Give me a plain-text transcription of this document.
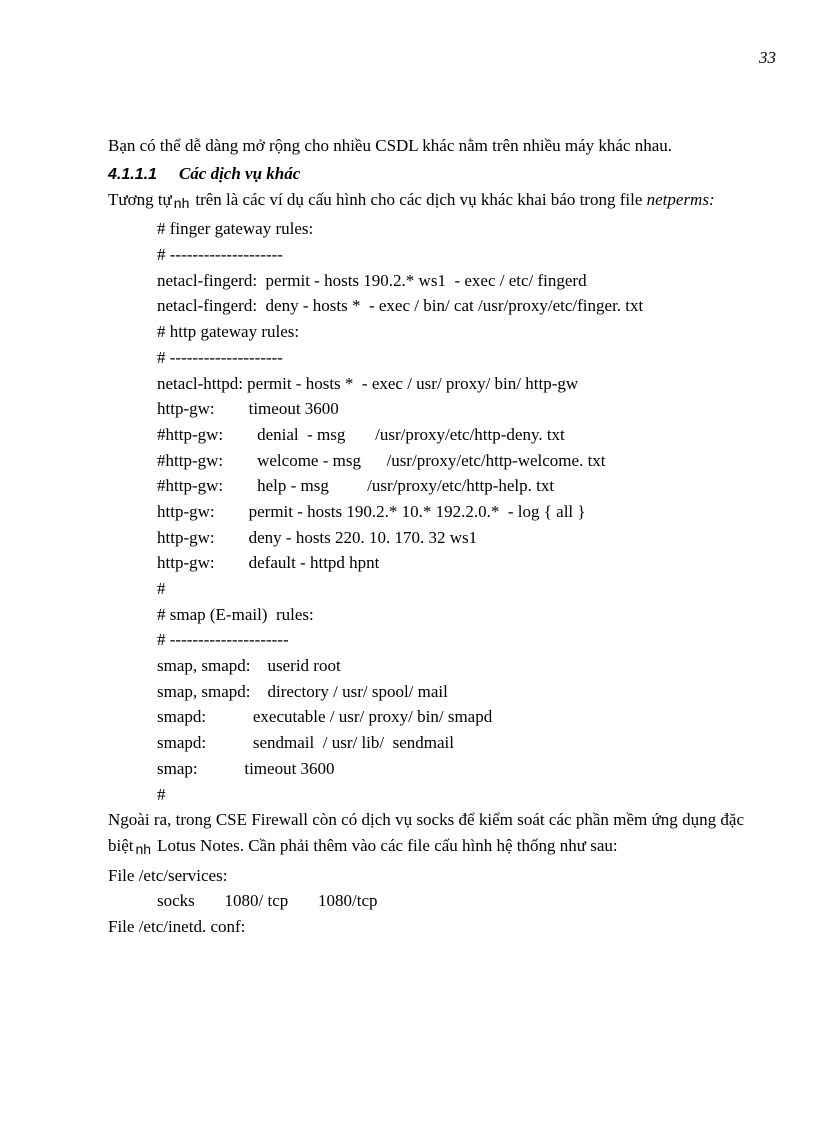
33

Bạn có thể dễ dàng mở rộng cho nhiều CSDL khác nằm trên nhiều máy khác nhau.

4.1.1.1 Các dịch vụ khác

Tương tự $_{nh}$ trên là các ví dụ cấu hình cho các dịch vụ khác khai báo trong file netperms:

# finger gateway rules:
# --------------------
netacl-fingerd:  permit - hosts 190.2.* ws1  - exec / etc/ fingerd
netacl-fingerd:  deny - hosts *  - exec / bin/ cat /usr/proxy/etc/finger. txt
# http gateway rules:
# --------------------
netacl-httpd: permit - hosts *  - exec / usr/ proxy/ bin/ http-gw
http-gw:        timeout 3600
#http-gw:        denial  - msg       /usr/proxy/etc/http-deny. txt
#http-gw:        welcome - msg      /usr/proxy/etc/http-welcome. txt
#http-gw:        help - msg         /usr/proxy/etc/http-help. txt
http-gw:        permit - hosts 190.2.* 10.* 192.2.0.*  - log { all }
http-gw:        deny - hosts 220. 10. 170. 32 ws1
http-gw:        default - httpd hpnt
#
# smap (E-mail)  rules:
# ---------------------
smap, smapd:    userid root
smap, smapd:    directory / usr/ spool/ mail
smapd:           executable / usr/ proxy/ bin/ smapd
smapd:           sendmail  / usr/ lib/  sendmail
smap:           timeout 3600
#

Ngoài ra, trong CSE Firewall còn có dịch vụ socks để kiểm soát các phần mềm ứng dụng đặc biệt $_{nh}$ Lotus Notes. Cần phải thêm vào các file cấu hình hệ thống như sau:

File /etc/services:
socks       1080/ tcp       1080/tcp
File /etc/inetd. conf:
